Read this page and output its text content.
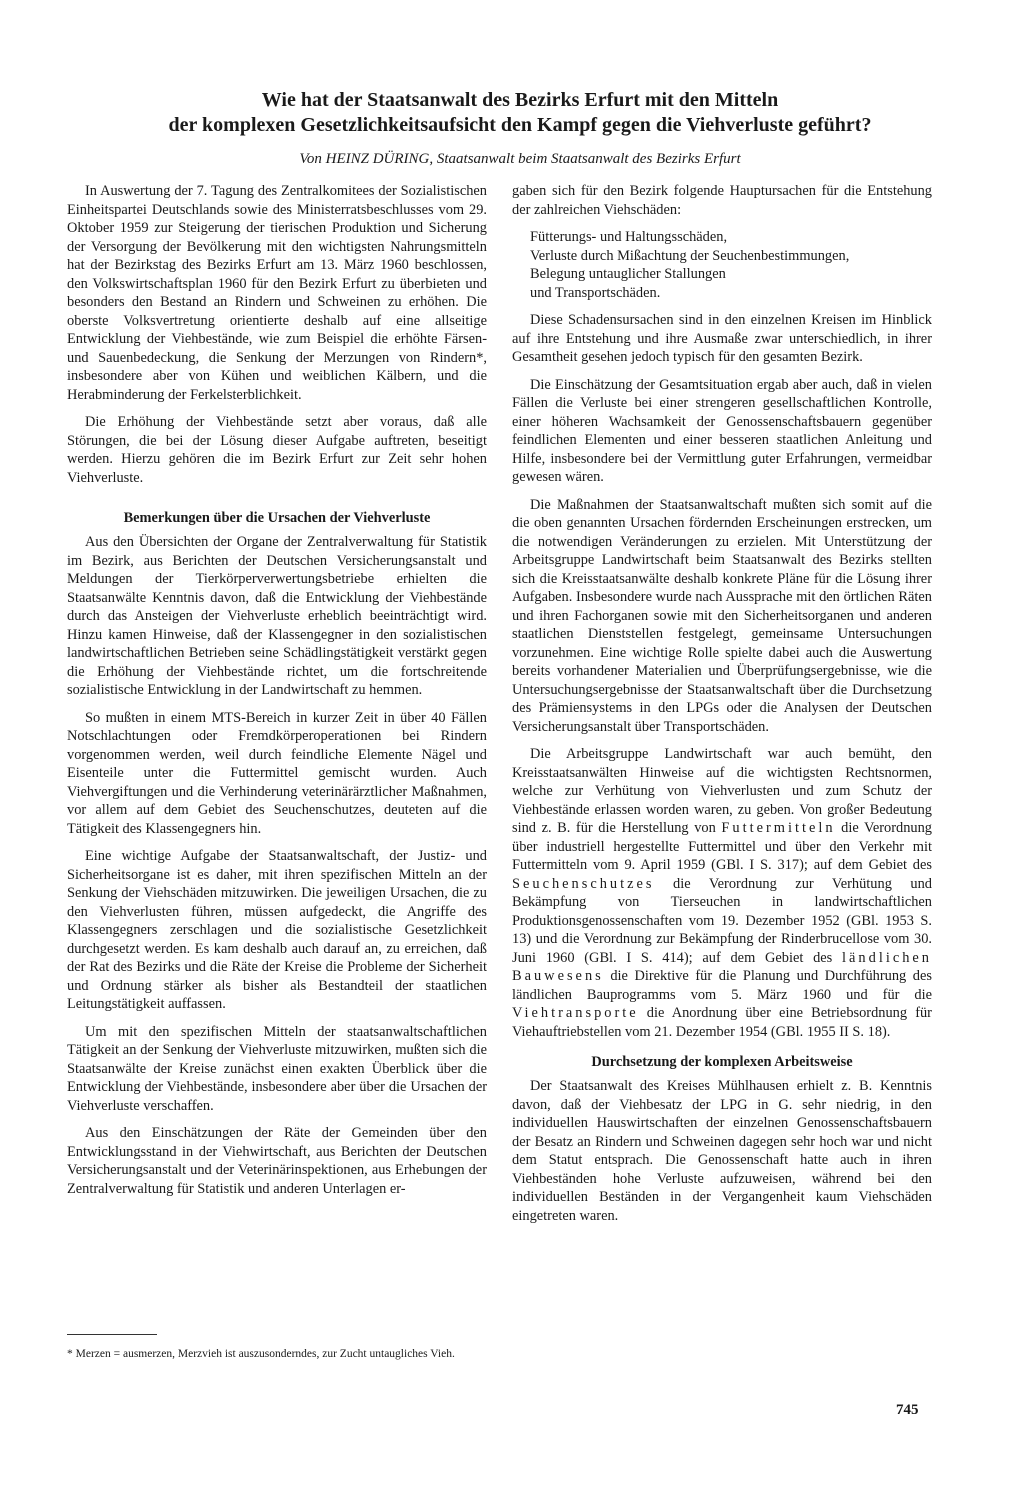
Wie hat der Staatsanwalt des Bezirks Erfurt mit den Mitteln
der komplexen Gesetzlichkeitsaufsicht den Kampf gegen die Viehverluste geführt?
Von HEINZ DÜRING, Staatsanwalt beim Staatsanwalt des Bezirks Erfurt

In Auswertung der 7. Tagung des Zentralkomitees der Sozialistischen Einheitspartei Deutschlands sowie des Ministerratsbeschlusses vom 29. Oktober 1959 zur Steigerung der tierischen Produktion und Sicherung der Versorgung der Bevölkerung mit den wichtigsten Nahrungsmitteln hat der Bezirkstag des Bezirks Erfurt am 13. März 1960 beschlossen, den Volkswirtschaftsplan 1960 für den Bezirk Erfurt zu überbieten und besonders den Bestand an Rindern und Schweinen zu erhöhen. Die oberste Volksvertretung orientierte deshalb auf eine allseitige Entwicklung der Viehbestände, wie zum Beispiel die erhöhte Färsen- und Sauenbedeckung, die Senkung der Merzungen von Rindern*, insbesondere aber von Kühen und weiblichen Kälbern, und die Herabminderung der Ferkelsterblichkeit.

Die Erhöhung der Viehbestände setzt aber voraus, daß alle Störungen, die bei der Lösung dieser Aufgabe auftreten, beseitigt werden. Hierzu gehören die im Bezirk Erfurt zur Zeit sehr hohen Viehverluste.

Bemerkungen über die Ursachen der Viehverluste

Aus den Übersichten der Organe der Zentralverwaltung für Statistik im Bezirk, aus Berichten der Deutschen Versicherungsanstalt und Meldungen der Tierkörperverwertungsbetriebe erhielten die Staatsanwälte Kenntnis davon, daß die Entwicklung der Viehbestände durch das Ansteigen der Viehverluste erheblich beeinträchtigt wird. Hinzu kamen Hinweise, daß der Klassengegner in den sozialistischen landwirtschaftlichen Betrieben seine Schädlingstätigkeit verstärkt gegen die Erhöhung der Viehbestände richtet, um die fortschreitende sozialistische Entwicklung in der Landwirtschaft zu hemmen.

So mußten in einem MTS-Bereich in kurzer Zeit in über 40 Fällen Notschlachtungen oder Fremdkörperoperationen bei Rindern vorgenommen werden, weil durch feindliche Elemente Nägel und Eisenteile unter die Futtermittel gemischt wurden. Auch Viehvergiftungen und die Verhinderung veterinärärztlicher Maßnahmen, vor allem auf dem Gebiet des Seuchenschutzes, deuteten auf die Tätigkeit des Klassengegners hin.

Eine wichtige Aufgabe der Staatsanwaltschaft, der Justiz- und Sicherheitsorgane ist es daher, mit ihren spezifischen Mitteln an der Senkung der Viehschäden mitzuwirken. Die jeweiligen Ursachen, die zu den Viehverlusten führen, müssen aufgedeckt, die Angriffe des Klassengegners zerschlagen und die sozialistische Gesetzlichkeit durchgesetzt werden. Es kam deshalb auch darauf an, zu erreichen, daß der Rat des Bezirks und die Räte der Kreise die Probleme der Sicherheit und Ordnung stärker als bisher als Bestandteil der staatlichen Leitungstätigkeit auffassen.

Um mit den spezifischen Mitteln der staatsanwaltschaftlichen Tätigkeit an der Senkung der Viehverluste mitzuwirken, mußten sich die Staatsanwälte der Kreise zunächst einen exakten Überblick über die Entwicklung der Viehbestände, insbesondere aber über die Ursachen der Viehverluste verschaffen.

Aus den Einschätzungen der Räte der Gemeinden über den Entwicklungsstand in der Viehwirtschaft, aus Berichten der Deutschen Versicherungsanstalt und der Veterinärinspektionen, aus Erhebungen der Zentralverwaltung für Statistik und anderen Unterlagen er-

* Merzen = ausmerzen, Merzvieh ist auszusonderndes, zur Zucht untaugliches Vieh.

gaben sich für den Bezirk folgende Hauptursachen für die Entstehung der zahlreichen Viehschäden:

Fütterungs- und Haltungsschäden,
Verluste durch Mißachtung der Seuchenbestimmungen,
Belegung untauglicher Stallungen
und Transportschäden.

Diese Schadensursachen sind in den einzelnen Kreisen im Hinblick auf ihre Entstehung und ihre Ausmaße zwar unterschiedlich, in ihrer Gesamtheit gesehen jedoch typisch für den gesamten Bezirk.

Die Einschätzung der Gesamtsituation ergab aber auch, daß in vielen Fällen die Verluste bei einer strengeren gesellschaftlichen Kontrolle, einer höheren Wachsamkeit der Genossenschaftsbauern gegenüber feindlichen Elementen und einer besseren staatlichen Anleitung und Hilfe, insbesondere bei der Vermittlung guter Erfahrungen, vermeidbar gewesen wären.

Die Maßnahmen der Staatsanwaltschaft mußten sich somit auf die die oben genannten Ursachen fördernden Erscheinungen erstrecken, um die notwendigen Veränderungen zu erzielen. Mit Unterstützung der Arbeitsgruppe Landwirtschaft beim Staatsanwalt des Bezirks stellten sich die Kreisstaatsanwälte deshalb konkrete Pläne für die Lösung ihrer Aufgaben. Insbesondere wurde nach Aussprache mit den örtlichen Räten und ihren Fachorganen sowie mit den Sicherheitsorganen und anderen staatlichen Dienststellen festgelegt, gemeinsame Untersuchungen vorzunehmen. Eine wichtige Rolle spielte dabei auch die Auswertung bereits vorhandener Materialien und Überprüfungsergebnisse, wie die Untersuchungsergebnisse der Staatsanwaltschaft über die Durchsetzung des Prämiensystems in den LPGs oder die Analysen der Deutschen Versicherungsanstalt über Transportschäden.

Die Arbeitsgruppe Landwirtschaft war auch bemüht, den Kreisstaatsanwälten Hinweise auf die wichtigsten Rechtsnormen, welche zur Verhütung von Viehverlusten und zum Schutz der Viehbestände erlassen worden waren, zu geben. Von großer Bedeutung sind z. B. für die Herstellung von Futtermitteln die Verordnung über industriell hergestellte Futtermittel und über den Verkehr mit Futtermitteln vom 9. April 1959 (GBl. I S. 317); auf dem Gebiet des Seuchenschutzes die Verordnung zur Verhütung und Bekämpfung von Tierseuchen in landwirtschaftlichen Produktionsgenossenschaften vom 19. Dezember 1952 (GBl. 1953 S. 13) und die Verordnung zur Bekämpfung der Rinderbrucellose vom 30. Juni 1960 (GBl. I S. 414); auf dem Gebiet des ländlichen Bauwesens die Direktive für die Planung und Durchführung des ländlichen Bauprogramms vom 5. März 1960 und für die Viehtransporte die Anordnung über eine Betriebsordnung für Viehauftriebstellen vom 21. Dezember 1954 (GBl. 1955 II S. 18).

Durchsetzung der komplexen Arbeitsweise

Der Staatsanwalt des Kreises Mühlhausen erhielt z. B. Kenntnis davon, daß der Viehbesatz der LPG in G. sehr niedrig, in den individuellen Hauswirtschaften der einzelnen Genossenschaftsbauern der Besatz an Rindern und Schweinen dagegen sehr hoch war und nicht dem Statut entsprach. Die Genossenschaft hatte auch in ihren Viehbeständen hohe Verluste aufzuweisen, während bei den individuellen Beständen in der Vergangenheit kaum Viehschäden eingetreten waren.

745
